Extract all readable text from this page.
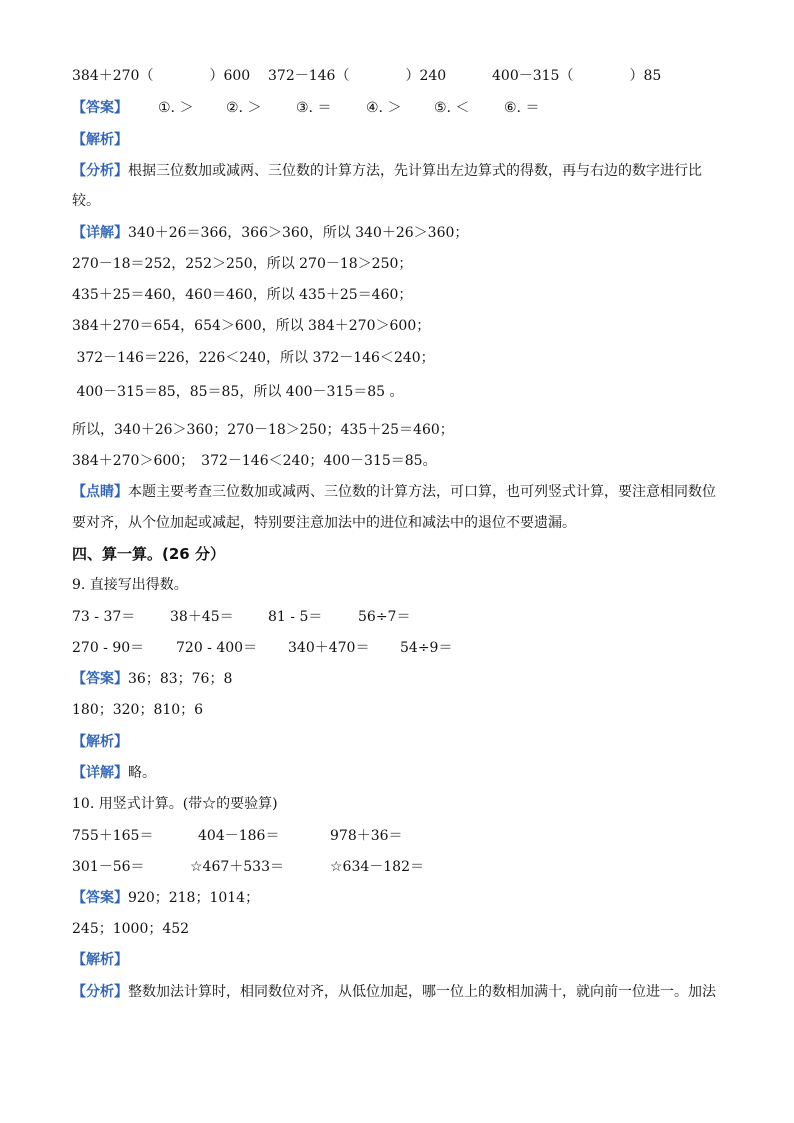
384＋270（　　　　）600 372－146（　　　　）240	400－315（　　　　）85
【答案】 ①. ＞ ②. ＞ ③. ＝ ④. ＞ ⑤. ＜ ⑥. ＝
【解析】
【分析】根据三位数加或减两、三位数的计算方法，先计算出左边算式的得数，再与右边的数字进行比
较。
【详解】340＋26＝366，366＞360，所以 340＋26＞360；
270－18＝252，252＞250，所以 270－18＞250；
435＋25＝460，460＝460，所以 435＋25＝460；
384＋270＝654，654＞600，所以 384＋270＞600；
372－146＝226，226＜240，所以 372－146＜240；
400－315＝85，85＝85，所以 400－315＝85 。
所以，340＋26＞360；270－18＞250；435＋25＝460；
384＋270＞600；　372－146＜240；400－315＝85。
【点睛】本题主要考查三位数加或减两、三位数的计算方法，可口算，也可列竖式计算，要注意相同数位
要对齐，从个位加起或减起，特别要注意加法中的进位和减法中的退位不要遗漏。
四、算一算。(26 分）
9. 直接写出得数。
73 - 37＝ 38＋45＝ 81 - 5＝	56÷7＝
270 - 90＝ 720 - 400＝ 340＋470＝ 54÷9＝
【答案】36；83；76；8
180；320；810；6
【解析】
【详解】略。
10. 用竖式计算。(带☆的要验算)
755＋165＝	404－186＝	978＋36＝
301－56＝	☆467＋533＝	☆634－182＝
【答案】920；218；1014；
245；1000；452
【解析】
【分析】整数加法计算时，相同数位对齐，从低位加起，哪一位上的数相加满十，就向前一位进一。加法
